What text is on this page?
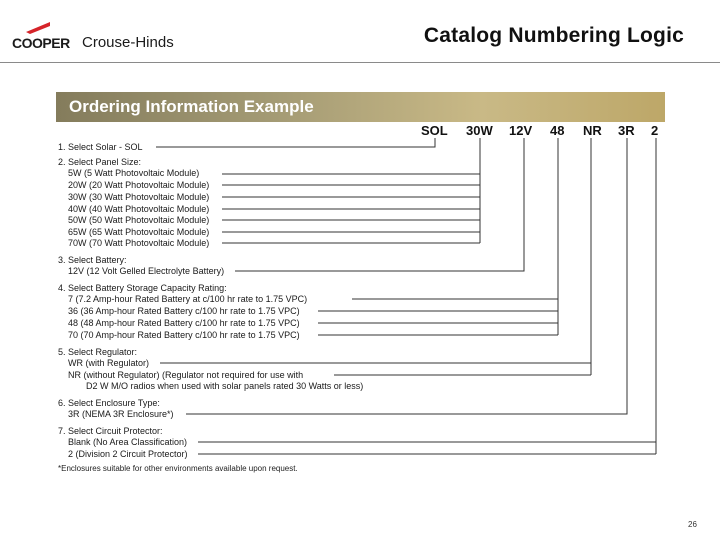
COOPER Crouse-Hinds	Catalog Numbering Logic
Ordering Information Example
SOL 30W 12V 48 NR 3R 2
1. Select Solar - SOL
2. Select Panel Size:
5W (5 Watt Photovoltaic Module)
20W (20 Watt Photovoltaic Module)
30W (30 Watt Photovoltaic Module)
40W (40 Watt Photovoltaic Module)
50W (50 Watt Photovoltaic Module)
65W (65 Watt Photovoltaic Module)
70W (70 Watt Photovoltaic Module)
3. Select Battery:
12V (12 Volt Gelled Electrolyte Battery)
4. Select Battery Storage Capacity Rating:
7 (7.2 Amp-hour Rated Battery at c/100 hr rate to 1.75 VPC)
36 (36 Amp-hour Rated Battery c/100 hr rate to 1.75 VPC)
48 (48 Amp-hour Rated Battery c/100 hr rate to 1.75 VPC)
70 (70 Amp-hour Rated Battery c/100 hr rate to 1.75 VPC)
5. Select Regulator:
WR (with Regulator)
NR (without Regulator) (Regulator not required for use with
D2 W M/O radios when used with solar panels rated 30 Watts or less)
6. Select Enclosure Type:
3R (NEMA 3R Enclosure*)
7. Select Circuit Protector:
Blank (No Area Classification)
2 (Division 2 Circuit Protector)
*Enclosures suitable for other environments available upon request.
26
